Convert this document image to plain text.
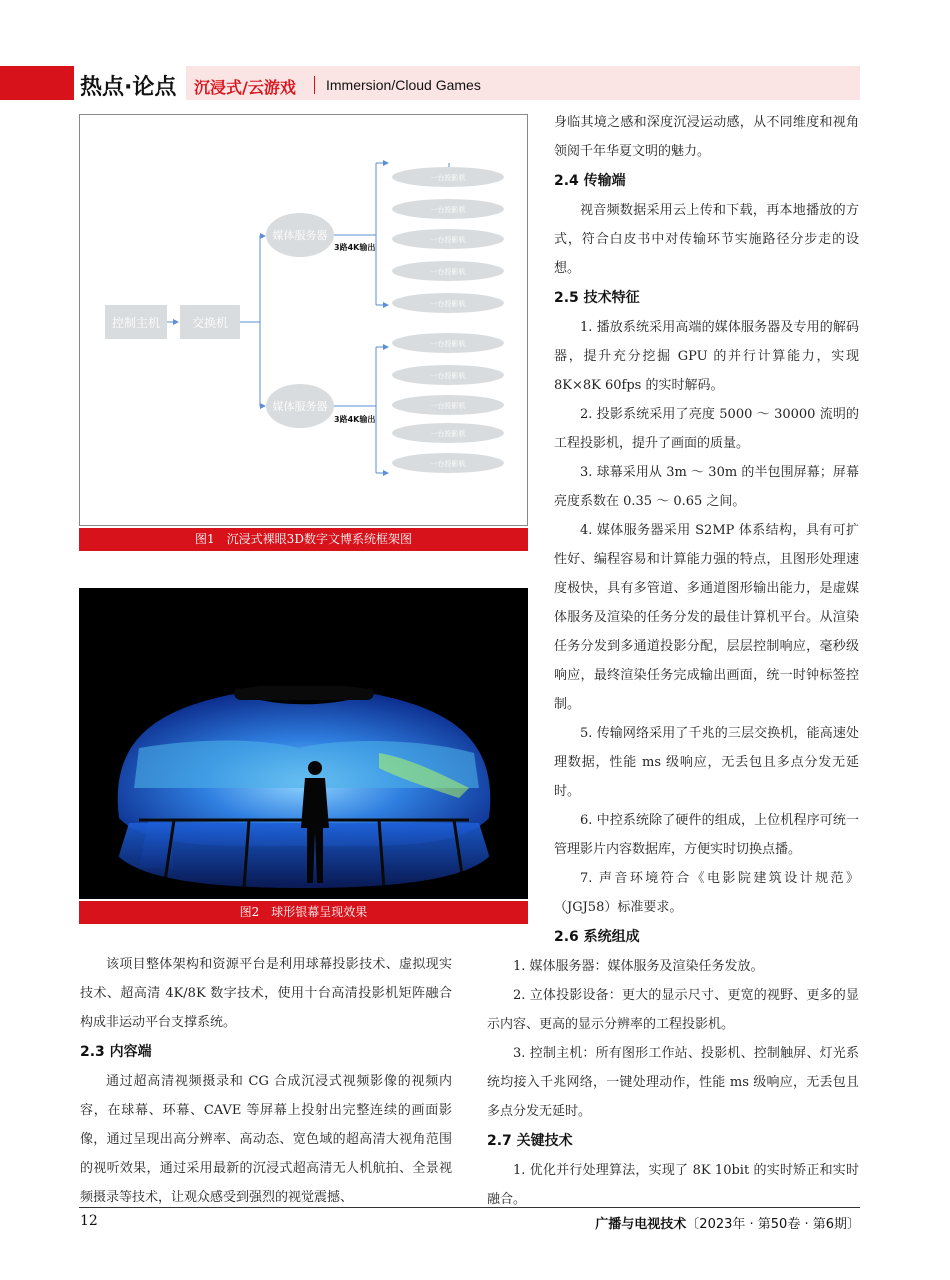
热点·论点 沉浸式/云游戏 Immersion/Cloud Games
控制主机	交换机
媒体服务器
媒体服务器
3路4K输出
3路4K输出
一台投影机
一台投影机
一台投影机
一台投影机
一台投影机
一台投影机
一台投影机
一台投影机
一台投影机
一台投影机
图1　沉浸式裸眼3D数字文博系统框架图
图2　球形银幕呈现效果

该项目整体架构和资源平台是利用球幕投影技术、虚拟现实技术、超高清 4K/8K 数字技术，使用十台高清投影机矩阵融合构成非运动平台支撑系统。

2.3 内容端

通过超高清视频摄录和 CG 合成沉浸式视频影像的视频内容，在球幕、环幕、CAVE 等屏幕上投射出完整连续的画面影像，通过呈现出高分辨率、高动态、宽色域的超高清大视角范围的视听效果，通过采用最新的沉浸式超高清无人机航拍、全景视频摄录等技术，让观众感受到强烈的视觉震撼、

身临其境之感和深度沉浸运动感，从不同维度和视角领阅千年华夏文明的魅力。

2.4 传输端

视音频数据采用云上传和下载，再本地播放的方式，符合白皮书中对传输环节实施路径分步走的设想。

2.5 技术特征

1. 播放系统采用高端的媒体服务器及专用的解码器，提升充分挖掘 GPU 的并行计算能力，实现 8K×8K 60fps 的实时解码。

2. 投影系统采用了亮度 5000 ～ 30000 流明的工程投影机，提升了画面的质量。

3. 球幕采用从 3m ～ 30m 的半包围屏幕；屏幕亮度系数在 0.35 ～ 0.65 之间。

4. 媒体服务器采用 S2MP 体系结构，具有可扩性好、编程容易和计算能力强的特点，且图形处理速度极快，具有多管道、多通道图形输出能力，是虚媒体服务及渲染的任务分发的最佳计算机平台。从渲染任务分发到多通道投影分配，层层控制响应，毫秒级响应，最终渲染任务完成输出画面，统一时钟标签控制。

5. 传输网络采用了千兆的三层交换机，能高速处理数据，性能 ms 级响应，无丢包且多点分发无延时。

6. 中控系统除了硬件的组成，上位机程序可统一管理影片内容数据库，方便实时切换点播。

7. 声音环境符合《电影院建筑设计规范》（JGJ58）标准要求。

2.6 系统组成

1. 媒体服务器：媒体服务及渲染任务发放。

2. 立体投影设备：更大的显示尺寸、更宽的视野、更多的显示内容、更高的显示分辨率的工程投影机。

3. 控制主机：所有图形工作站、投影机、控制触屏、灯光系统均接入千兆网络，一键处理动作，性能 ms 级响应，无丢包且多点分发无延时。

2.7 关键技术

1. 优化并行处理算法，实现了 8K 10bit 的实时矫正和实时融合。

12	广播与电视技术〔2023年 · 第50卷 · 第6期〕
